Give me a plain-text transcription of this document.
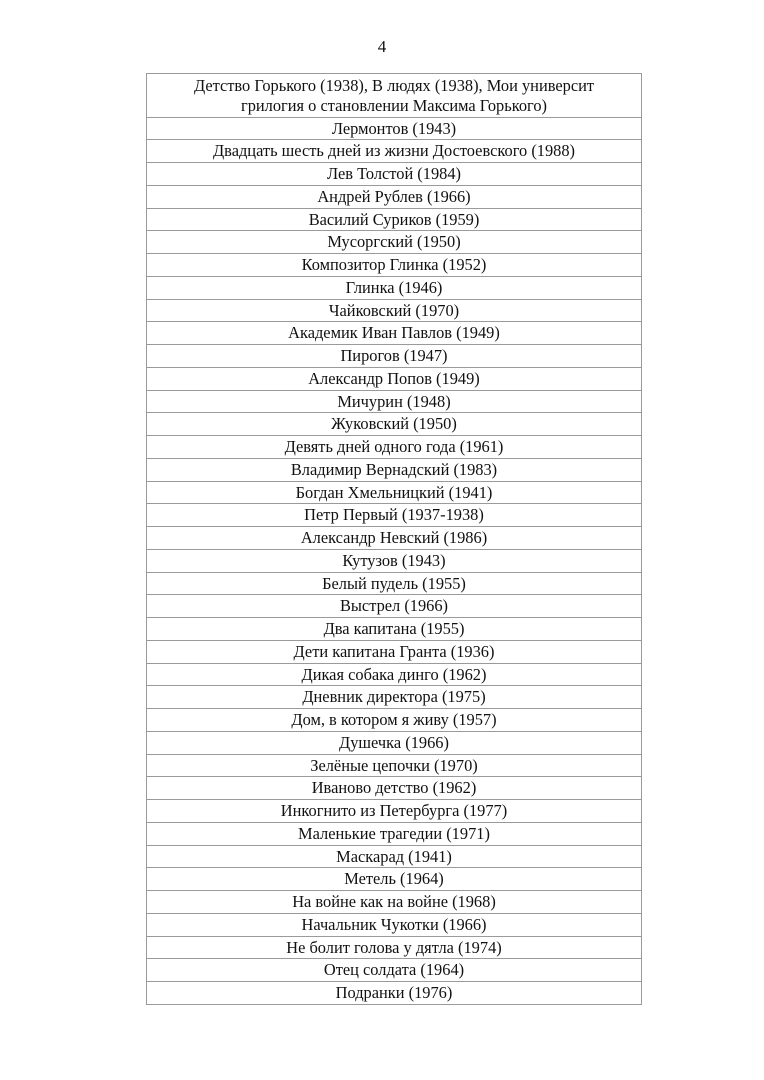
4
Детство Горького (1938), В людях (1938), Мои университ
грилогия о становлении Максима Горького)
Лермонтов (1943)
Двадцать шесть дней из жизни Достоевского (1988)
Лев Толстой (1984)
Андрей Рублев (1966)
Василий Суриков (1959)
Мусоргский (1950)
Композитор Глинка (1952)
Глинка (1946)
Чайковский (1970)
Академик Иван Павлов (1949)
Пирогов (1947)
Александр Попов (1949)
Мичурин (1948)
Жуковский (1950)
Девять дней одного года (1961)
Владимир Вернадский (1983)
Богдан Хмельницкий (1941)
Петр Первый (1937-1938)
Александр Невский (1986)
Кутузов (1943)
Белый пудель (1955)
Выстрел (1966)
Два капитана (1955)
Дети капитана Гранта (1936)
Дикая собака динго (1962)
Дневник директора (1975)
Дом, в котором я живу (1957)
Душечка (1966)
Зелёные цепочки (1970)
Иваново детство (1962)
Инкогнито из Петербурга (1977)
Маленькие трагедии (1971)
Маскарад (1941)
Метель (1964)
На войне как на войне (1968)
Начальник Чукотки (1966)
Не болит голова у дятла (1974)
Отец солдата (1964)
Подранки (1976)
